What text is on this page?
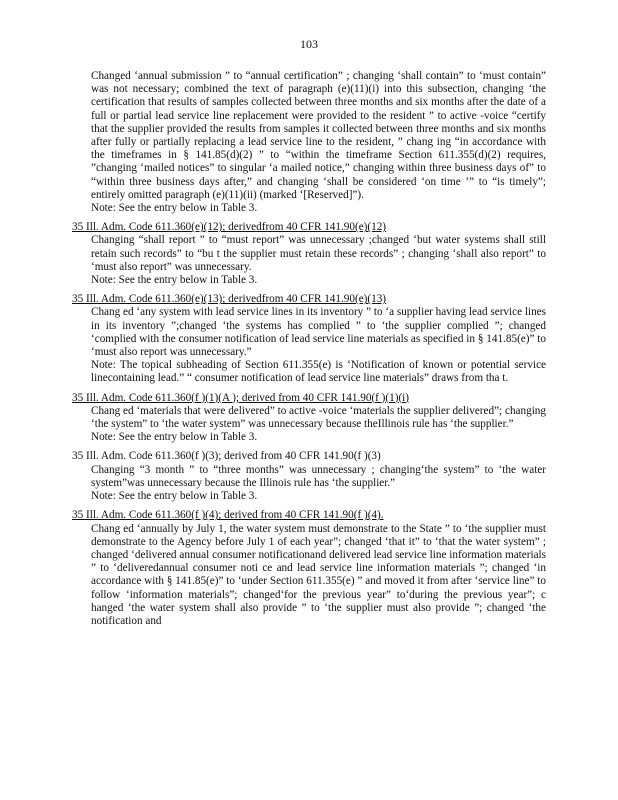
103
Changed ‘annual submission ” to “annual certification” ; changing ‘shall contain” to ‘must contain” was not necessary; combined the text of paragraph (e)(11)(i) into this subsection, changing ‘the certification that results of samples collected between three months and six months after the date of a full or partial lead service line replacement were provided to the resident ” to active -voice “certify that the supplier provided the results from samples it collected between three months and six months after fully or partially replacing a lead service line to the resident, ” chang ing “in accordance with the timeframes in § 141.85(d)(2) ” to “within the timeframe Section 611.355(d)(2) requires, ”changing ‘mailed notices” to singular ‘a mailed notice,” changing within three business days of” to “within three business days after,” and changing ‘shall be considered ‘on time ’” to “is timely”; entirely omitted paragraph (e)(11)(ii) (marked ‘[Reserved]”).
Note: See the entry below in Table 3.
35 Ill. Adm. Code 611.360(e)(12); derivedfrom 40 CFR 141.90(e)(12)
Changing “shall report ” to “must report” was unnecessary ;changed ‘but water systems shall still retain such records” to “bu t the supplier must retain these records” ; changing ‘shall also report” to ‘must also report” was unnecessary.
Note: See the entry below in Table 3.
35 Ill. Adm. Code 611.360(e)(13); derivedfrom 40 CFR 141.90(e)(13)
Chang ed ‘any system with lead service lines in its inventory ” to ‘a supplier having lead service lines in its inventory ”;changed ‘the systems has complied ” to ‘the supplier complied ”; changed ‘complied with the consumer notification of lead service line materials as specified in § 141.85(e)” to ‘must also report was unnecessary.”
Note: The topical subheading of Section 611.355(e) is ‘Notification of known or potential service linecontaining lead.” “ consumer notification of lead service line materials” draws from tha t.
35 Ill. Adm. Code 611.360(f )(1)(A ); derived from 40 CFR 141.90(f )(1)(i)
Chang ed ‘materials that were delivered” to active -voice ‘materials the supplier delivered”; changing ‘the system” to ‘the water system” was unnecessary because theIllinois rule has ‘the supplier.”
Note: See the entry below in Table 3.
35 Ill. Adm. Code 611.360(f )(3); derived from 40 CFR 141.90(f )(3)
Changing “3 month ” to “three months” was unnecessary ; changing‘the system” to ‘the water system”was unnecessary because the Illinois rule has ‘the supplier.”
Note: See the entry below in Table 3.
35 Ill. Adm. Code 611.360(f )(4); derived from 40 CFR 141.90(f )(4).
Chang ed ‘annually by July 1, the water system must demonstrate to the State ” to ‘the supplier must demonstrate to the Agency before July 1 of each year”; changed ‘that it” to ‘that the water system” ; changed ‘delivered annual consumer notificationand delivered lead service line information materials ” to ‘deliveredannual consumer noti ce and lead service line information materials ”; changed ‘in accordance with § 141.85(e)” to ‘under Section 611.355(e) ” and moved it from after ‘service line” to follow ‘information materials”; changed‘for the previous year” to‘during the previous year”; c hanged ‘the water system shall also provide ” to ‘the supplier must also provide ”; changed ‘the notification and
